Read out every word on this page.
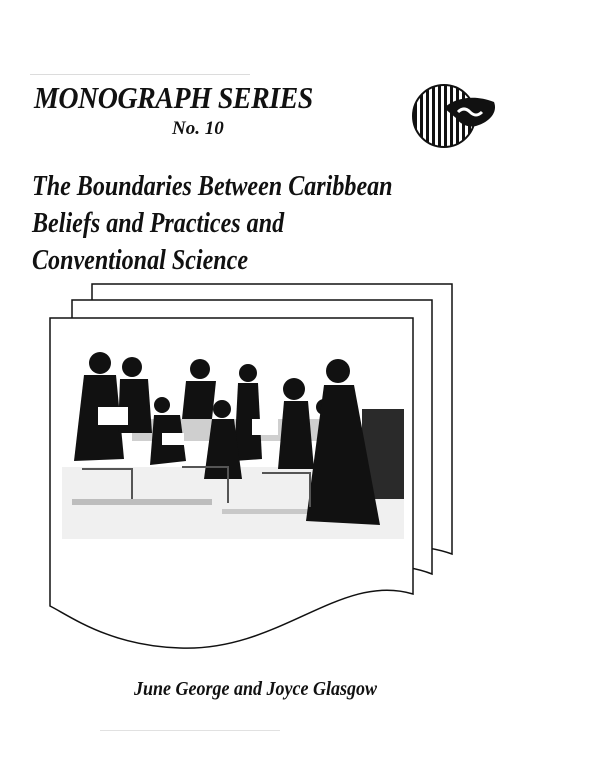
MONOGRAPH SERIES
No. 10
The Boundaries Between Caribbean
Beliefs and Practices and
Conventional Science
June George and Joyce Glasgow
